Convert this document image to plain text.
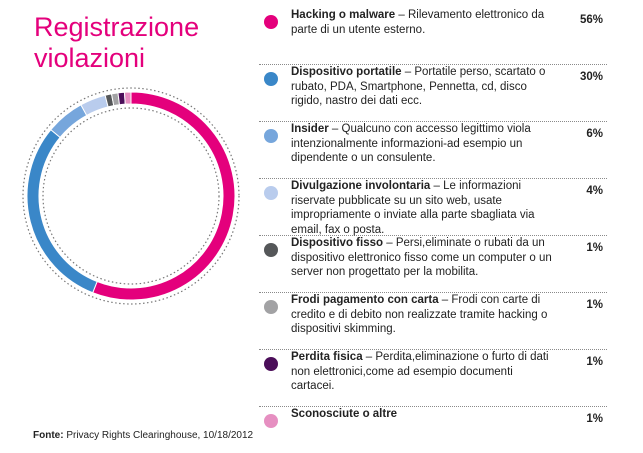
Registrazione
violazioni
Hacking o malware – Rilevamento elettronico da parte di un utente esterno.
56%
Dispositivo portatile – Portatile perso, scartato o rubato, PDA, Smartphone, Pennetta, cd, disco rigido, nastro dei dati ecc.
30%
Insider – Qualcuno con accesso legittimo viola intenzionalmente informazioni-ad esempio un dipendente o un consulente.
6%
Divulgazione involontaria – Le informazioni riservate pubblicate su un sito web, usate impropriamente o inviate alla parte sbagliata via email, fax o posta.
4%
Dispositivo fisso – Persi,eliminate o rubati da un dispositivo elettronico fisso come un computer o un server non progettato per la mobilita.
1%
Frodi pagamento con carta – Frodi con carte di credito e di debito non realizzate tramite hacking o dispositivi skimming.
1%
Perdita fisica – Perdita,eliminazione o furto di dati non elettronici,come ad esempio documenti cartacei.
1%
Sconosciute o altre	1%
Fonte: Privacy Rights Clearinghouse, 10/18/2012
